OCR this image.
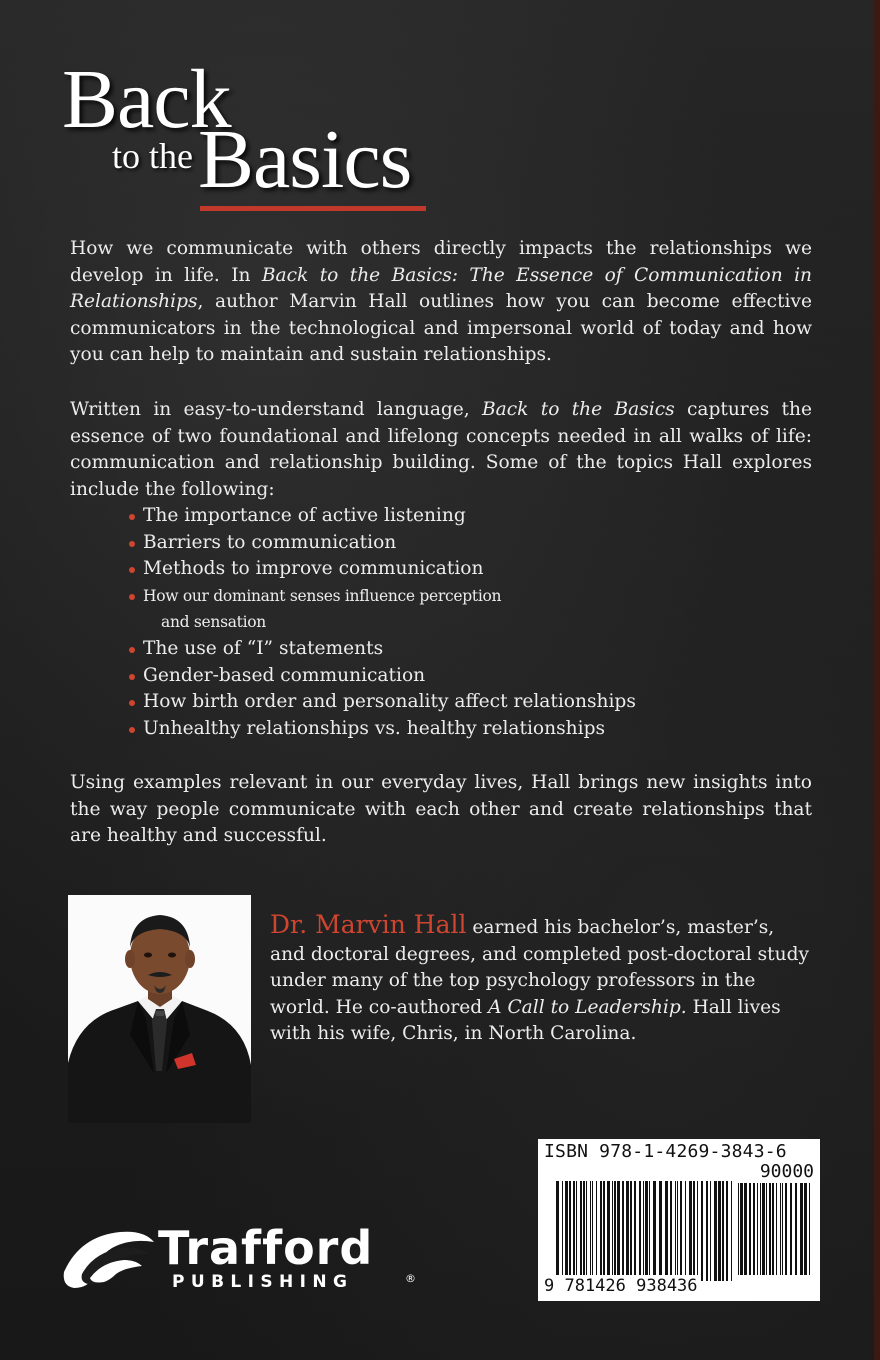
Back
to the Basics

How we communicate with others directly impacts the relationships we develop in life. In Back to the Basics: The Essence of Communication in Relationships, author Marvin Hall outlines how you can become effective communicators in the technological and impersonal world of today and how you can help to maintain and sustain relationships.

Written in easy-to-understand language, Back to the Basics captures the essence of two foundational and lifelong concepts needed in all walks of life: communication and relationship building. Some of the topics Hall explores include the following:

The importance of active listening
Barriers to communication
Methods to improve communication
How our dominant senses influence perception
and sensation
The use of “I” statements
Gender-based communication
How birth order and personality affect relationships
Unhealthy relationships vs. healthy relationships

Using examples relevant in our everyday lives, Hall brings new insights into the way people communicate with each other and create relationships that are healthy and successful.

Dr. Marvin Hall earned his bachelor’s, master’s, and doctoral degrees, and completed post-doctoral study under many of the top psychology professors in the world. He co-authored A Call to Leadership. Hall lives with his wife, Chris, in North Carolina.

Trafford
PUBLISHING	®
ISBN 978-1-4269-3843-6
90000
9 781426 938436
